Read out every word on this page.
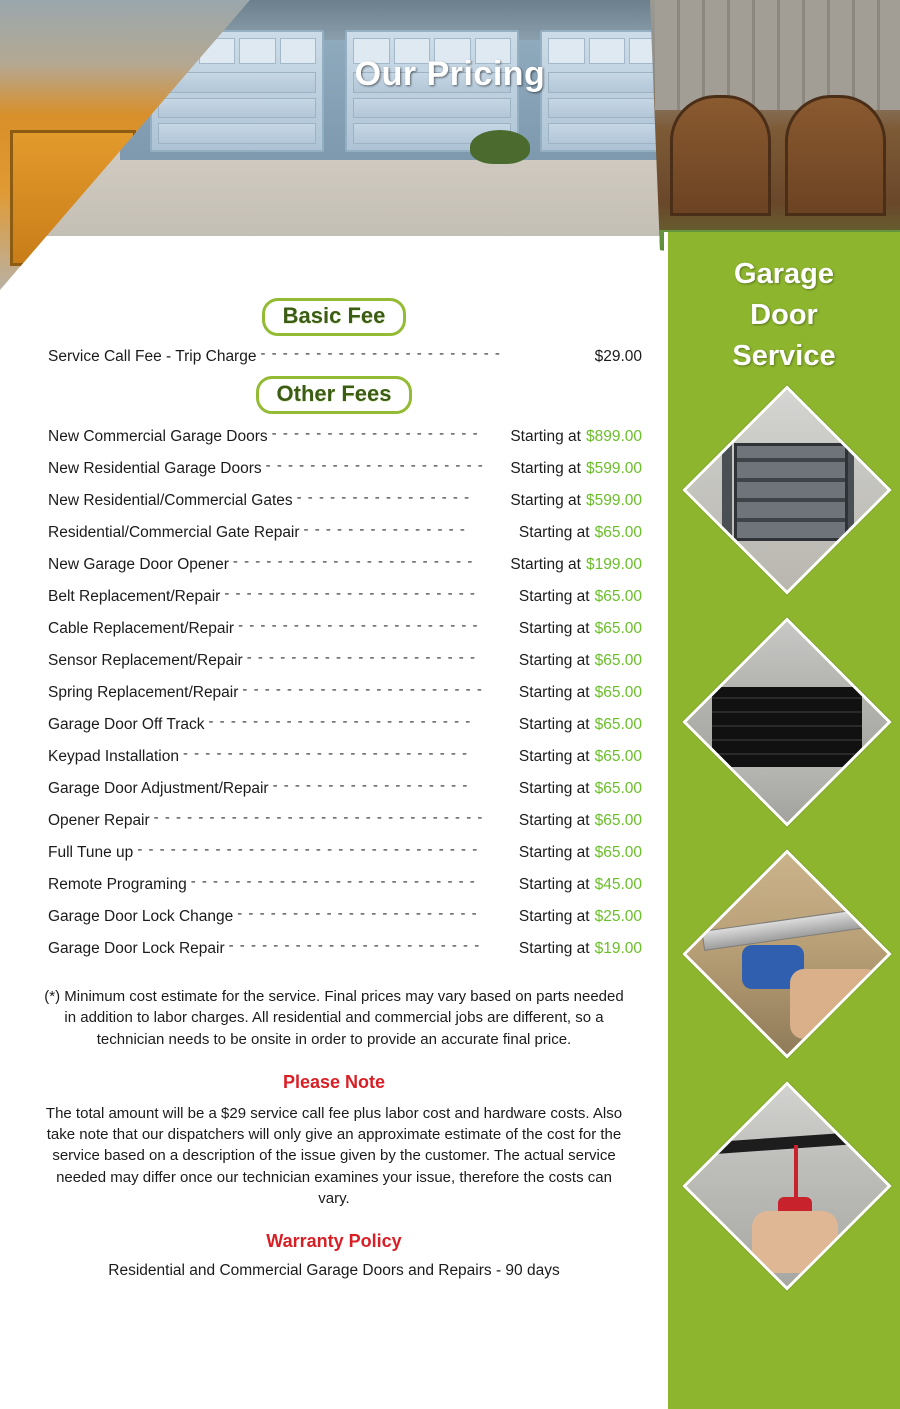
Our Pricing
Garage
Door
Service
Basic Fee
Service Call Fee - Trip Charge - - - - - - - - - - - - - - - - - - - - - -	$29.00
Other Fees
New Commercial Garage Doors - - - - - - - - - - - - - - - - - - -	Starting at $899.00
New Residential Garage Doors - - - - - - - - - - - - - - - - - - - -	Starting at $599.00
New Residential/Commercial Gates - - - - - - - - - - - - - - - -	Starting at $599.00
Residential/Commercial Gate Repair - - - - - - - - - - - - - - -	Starting at $65.00
New Garage Door Opener - - - - - - - - - - - - - - - - - - - - - -	Starting at $199.00
Belt Replacement/Repair - - - - - - - - - - - - - - - - - - - - - - -	Starting at $65.00
Cable Replacement/Repair - - - - - - - - - - - - - - - - - - - - - -	Starting at $65.00
Sensor Replacement/Repair - - - - - - - - - - - - - - - - - - - - -	Starting at $65.00
Spring Replacement/Repair - - - - - - - - - - - - - - - - - - - - - -	Starting at $65.00
Garage Door Off Track - - - - - - - - - - - - - - - - - - - - - - - -	Starting at $65.00
Keypad Installation - - - - - - - - - - - - - - - - - - - - - - - - - -	Starting at $65.00
Garage Door Adjustment/Repair - - - - - - - - - - - - - - - - - -	Starting at $65.00
Opener Repair - - - - - - - - - - - - - - - - - - - - - - - - - - - - - -	Starting at $65.00
Full Tune up - - - - - - - - - - - - - - - - - - - - - - - - - - - - - - -	Starting at $65.00
Remote Programing - - - - - - - - - - - - - - - - - - - - - - - - - -	Starting at $45.00
Garage Door Lock Change - - - - - - - - - - - - - - - - - - - - - -	Starting at $25.00
Garage Door Lock Repair - - - - - - - - - - - - - - - - - - - - - - -	Starting at $19.00
(*) Minimum cost estimate for the service. Final prices may vary based on parts needed in addition to labor charges. All residential and commercial jobs are different, so a technician needs to be onsite in order to provide an accurate final price.
Please Note
The total amount will be a $29 service call fee plus labor cost and hardware costs. Also take note that our dispatchers will only give an approximate estimate of the cost for the service based on a description of the issue given by the customer. The actual service needed may differ once our technician examines your issue, therefore the costs can vary.
Warranty Policy
Residential and Commercial Garage Doors and Repairs - 90 days
